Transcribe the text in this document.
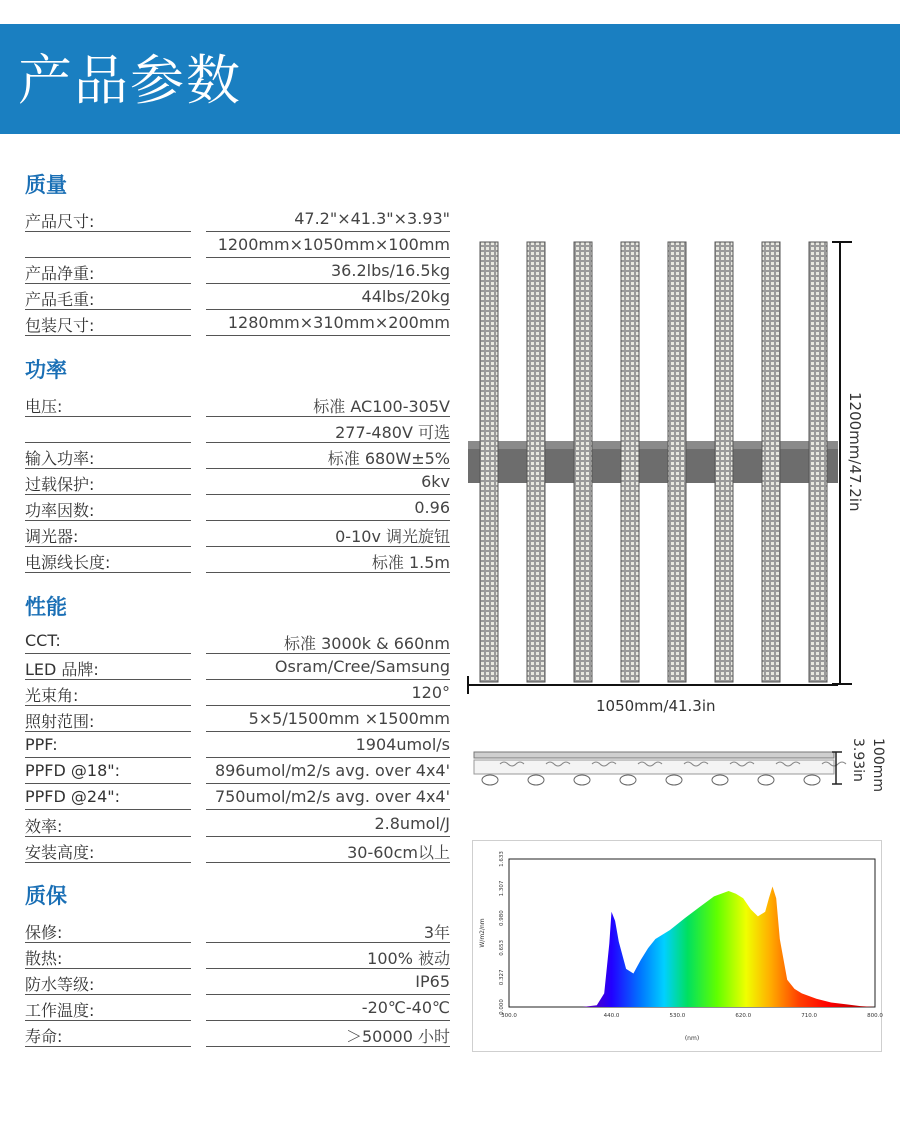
产品参数
质量
产品尺寸:	47.2"×41.3"×3.93"
1200mm×1050mm×100mm
产品净重:	36.2lbs/16.5kg
产品毛重:	44lbs/20kg
包装尺寸:	1280mm×310mm×200mm
功率
电压:	标准 AC100-305V
277-480V 可选
输入功率:	标准 680W±5%
过载保护:	6kv
功率因数:	0.96
调光器:	0-10v 调光旋钮
电源线长度:	标准 1.5m
性能
CCT:	标准 3000k & 660nm
LED 品牌:	Osram/Cree/Samsung
光束角:	120°
照射范围:	5×5/1500mm ×1500mm
PPF:	1904umol/s
PPFD @18":	896umol/m2/s avg. over 4x4'
PPFD @24":	750umol/m2/s avg. over 4x4'
效率:	2.8umol/J
安装高度:	30-60cm以上
质保
保修:	3年
散热:	100% 被动
防水等级:	IP65
工作温度:	-20℃-40℃
寿命:	＞50000 小时
1200mm/47.2in
1050mm/41.3in
3.93in 100mm
300.0	440.0	530.0	620.0	710.0	800.0
0.000
0.327
0.653
0.980
1.307
1.633
W/m2/nm
(nm)
